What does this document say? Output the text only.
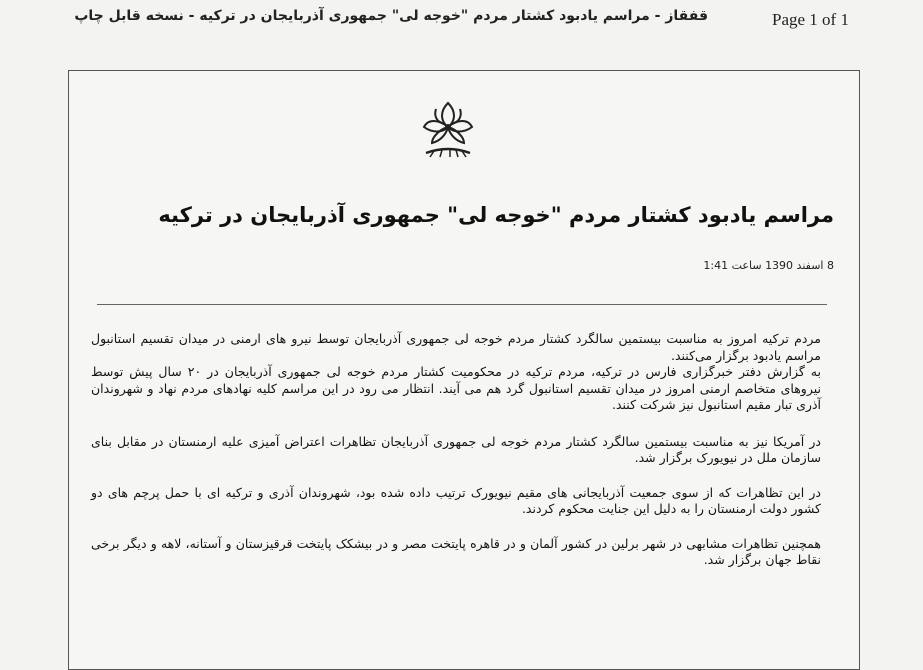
Page 1 of 1
قفقاز - مراسم یادبود کشتار مردم "خوجه لی" جمهوری آذربایجان در ترکیه - نسخه قابل چاپ
مراسم یادبود کشتار مردم "خوجه لی" جمهوری آذربایجان در ترکیه
8 اسفند 1390 ساعت 1:41

مردم ترکیه امروز به مناسبت بیستمین سالگرد کشتار مردم خوجه لی جمهوری آذربایجان توسط نیرو های ارمنی در میدان تقسیم استانبول مراسم یادبود برگزار می‌کنند.
به گزارش دفتر خبرگزاری فارس در ترکیه، مردم ترکیه در محکومیت کشتار مردم خوجه لی جمهوری آذربایجان در ۲۰ سال پیش توسط نیروهای متخاصم ارمنی امروز در میدان تقسیم استانبول گرد هم می آیند. انتظار می رود در این مراسم کلیه نهادهای مردم نهاد و شهروندان آذری تبار مقیم استانبول نیز شرکت کنند.

در آمریکا نیز به مناسبت بیستمین سالگرد کشتار مردم خوجه لی جمهوری آذربایجان تظاهرات اعتراض آمیزی علیه ارمنستان در مقابل بنای سازمان ملل در نیویورک برگزار شد.

در این تظاهرات که از سوی جمعیت آذربایجانی های مقیم نیویورک ترتیب داده شده بود، شهروندان آذری و ترکیه ای با حمل پرچم های دو کشور دولت ارمنستان را به دلیل این جنایت محکوم کردند.

همچنین تظاهرات مشابهی در شهر برلین در کشور آلمان و در قاهره پایتخت مصر و در بیشکک پایتخت قرقیزستان و آستانه، لاهه و دیگر برخی نقاط جهان برگزار شد.
